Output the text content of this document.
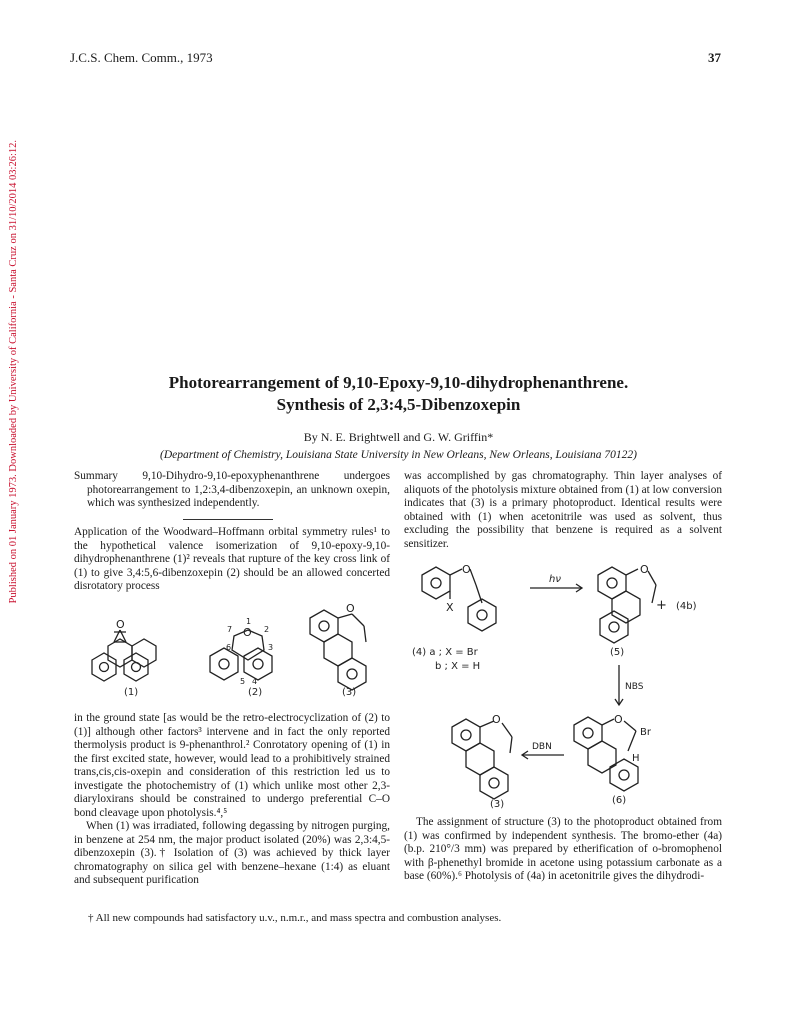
J.C.S. Chem. Comm., 1973	37
Published on 01 January 1973. Downloaded by University of California - Santa Cruz on 31/10/2014 03:26:12.	Photorearrangement of 9,10-Epoxy-9,10-dihydrophenanthrene.
Synthesis of 2,3:4,5-Dibenzoxepin
By N. E. Brightwell and G. W. Griffin*
(Department of Chemistry, Louisiana State University in New Orleans, New Orleans, Louisiana 70122)

Summary 9,10-Dihydro-9,10-epoxyphenanthrene undergoes photorearrangement to 1,2:3,4-dibenzoxepin, an unknown oxepin, which was synthesized independently.

Application of the Woodward–Hoffmann orbital symmetry rules¹ to the hypothetical valence isomerization of 9,10-epoxy-9,10-dihydrophenanthrene (1)² reveals that rupture of the key cross link of (1) to give 3,4:5,6-dibenzoxepin (2) should be an allowed concerted disrotatory process

O
(1)
O
1
2
3
4
5
6
7
(2)
O
(3)

in the ground state [as would be the retro-electrocyclization of (2) to (1)] although other factors³ intervene and in fact the only reported thermolysis product is 9-phenanthrol.² Conrotatory opening of (1) in the first excited state, however, would lead to a prohibitively strained trans,cis,cis-oxepin and consideration of this restriction led us to investigate the photochemistry of (1) which unlike most other 2,3-diaryloxirans should be constrained to undergo preferential C–O bond cleavage upon photolysis.⁴,⁵

When (1) was irradiated, following degassing by nitrogen purging, in benzene at 254 nm, the major product isolated (20%) was 2,3:4,5-dibenzoxepin (3).† Isolation of (3) was achieved by thick layer chromatography on silica gel with benzene–hexane (1:4) as eluant and subsequent purification

was accomplished by gas chromatography. Thin layer analyses of aliquots of the photolysis mixture obtained from (1) at low conversion indicates that (3) is a primary photoproduct. Identical results were obtained with (1) when acetonitrile was used as solvent, thus excluding the possibility that benzene is required as a solvent sensitizer.

O
X
(4) a ; X = Br
b ; X = H
hν
O
+ (4b)
(5)
NBS
O
Br
H
(6)
DBN
O
(3)

The assignment of structure (3) to the photoproduct obtained from (1) was confirmed by independent synthesis. The bromo-ether (4a) (b.p. 210°/3 mm) was prepared by etherification of o-bromophenol with β-phenethyl bromide in acetone using potassium carbonate as a base (60%).⁶ Photolysis of (4a) in acetonitrile gives the dihydrodi-

† All new compounds had satisfactory u.v., n.m.r., and mass spectra and combustion analyses.
